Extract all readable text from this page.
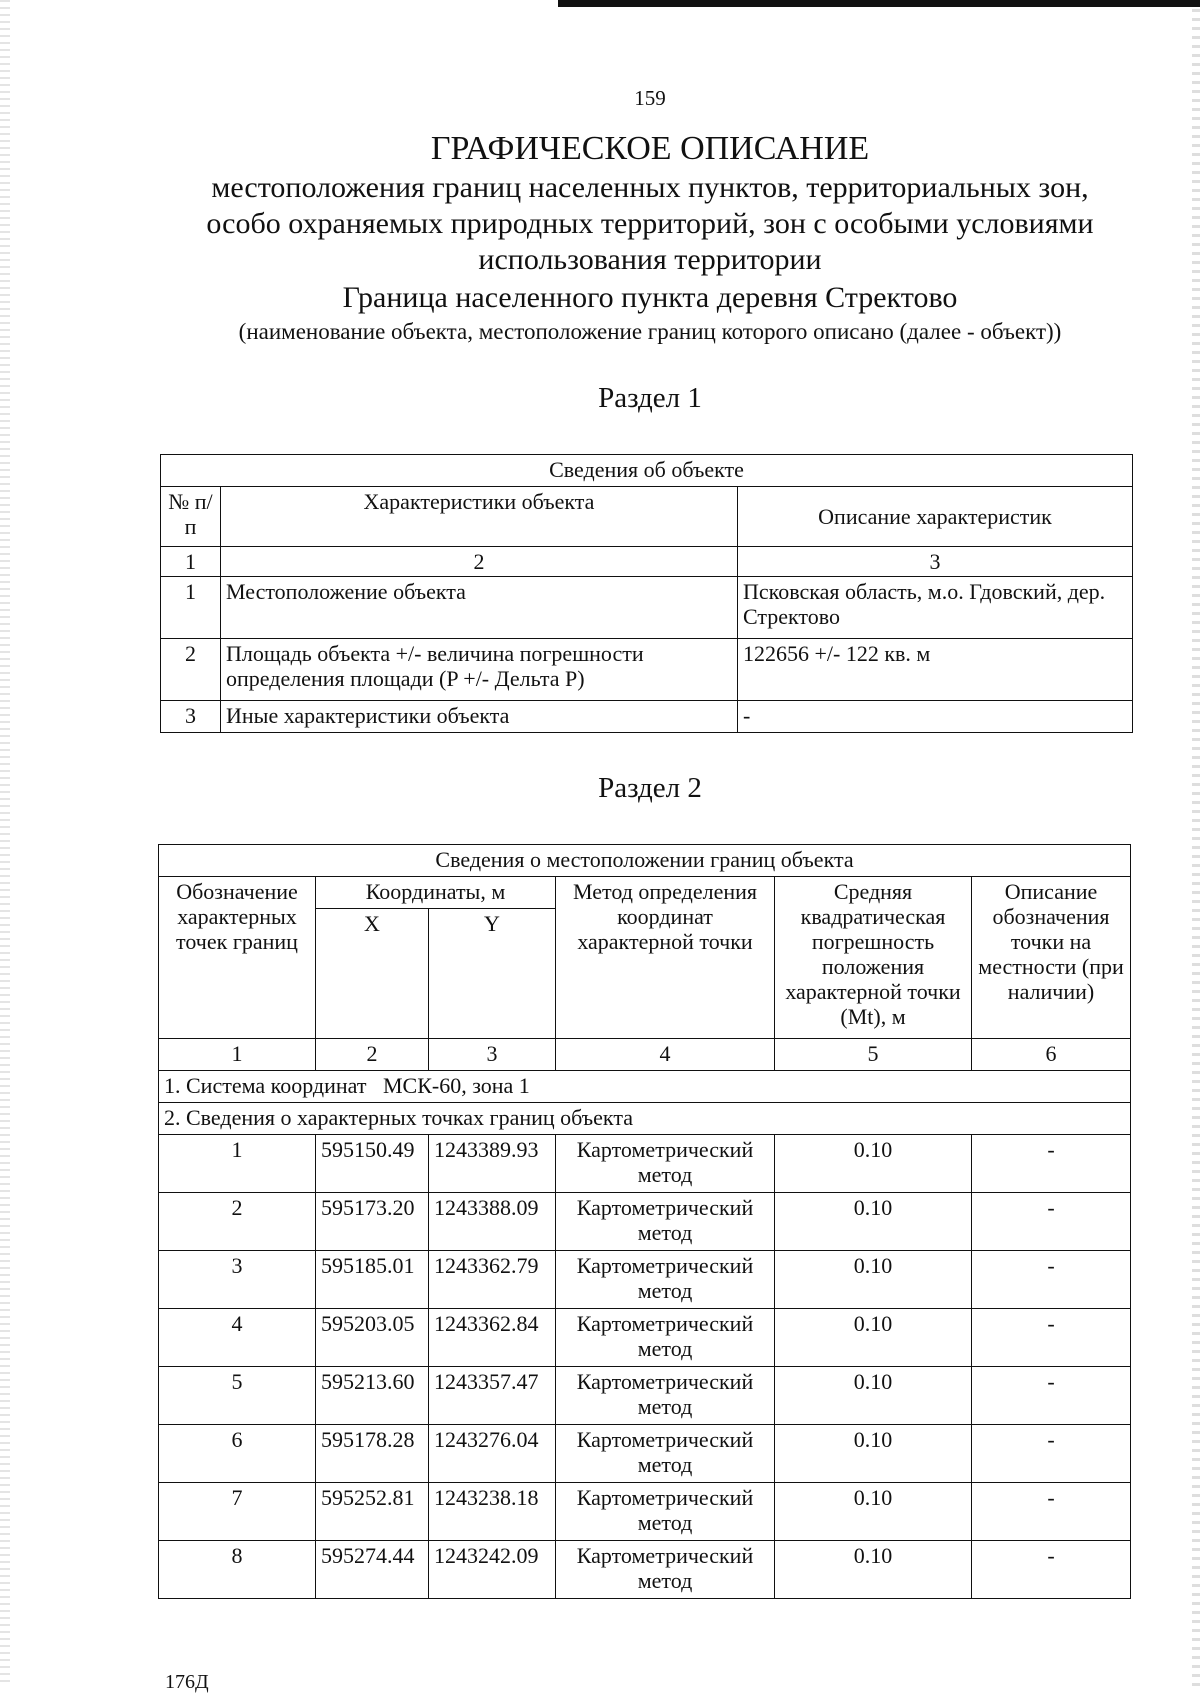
159
ГРАФИЧЕСКОЕ ОПИСАНИЕ
местоположения границ населенных пунктов, территориальных зон,
особо охраняемых природных территорий, зон с особыми условиями
использования территории
Граница населенного пункта деревня Стректово
(наименование объекта, местоположение границ которого описано (далее - объект))
Раздел 1
Сведения об объекте		
№ п/п	Характеристики объекта	Описание характеристик
1	2	3
1	Местоположение объекта	Псковская область, м.о. Гдовский, дер. Стректово
2	Площадь объекта +/- величина погрешности определения площади (P +/- Дельта P)	122656 +/- 122 кв. м
3	Иные характеристики объекта	-
Раздел 2
Сведения о местоположении границ объекта					
Обозначение характерных точек границ	Координаты, м		Метод определения координат характерной точки	Средняя квадратическая погрешность положения характерной точки (Mt), м	Описание обозначения точки на местности (при наличии)
	X	Y			
1	2	3	4	5	6
1. Система координат   МСК-60, зона 1					
2. Сведения о характерных точках границ объекта					
1	595150.49	1243389.93	Картометрический метод	0.10	-
2	595173.20	1243388.09	Картометрический метод	0.10	-
3	595185.01	1243362.79	Картометрический метод	0.10	-
4	595203.05	1243362.84	Картометрический метод	0.10	-
5	595213.60	1243357.47	Картометрический метод	0.10	-
6	595178.28	1243276.04	Картометрический метод	0.10	-
7	595252.81	1243238.18	Картометрический метод	0.10	-
8	595274.44	1243242.09	Картометрический метод	0.10	-
176Д
